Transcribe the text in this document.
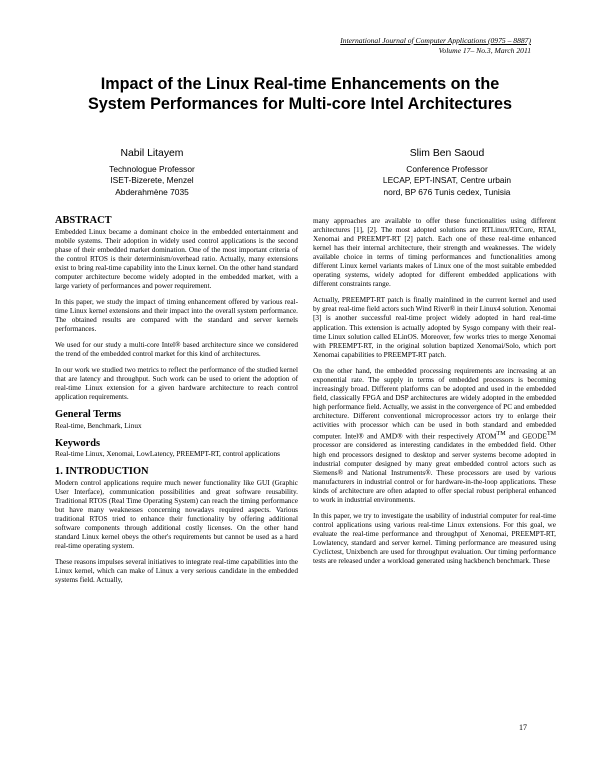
International Journal of Computer Applications (0975 – 8887)
Volume 17– No.3, March 2011
Impact of the Linux Real-time Enhancements on the
System Performances for Multi-core Intel Architectures
Nabil Litayem
Technologue Professor
ISET-Bizerete, Menzel
Abderahmène 7035
Slim Ben Saoud
Conference Professor
LECAP, EPT-INSAT, Centre urbain
nord, BP 676 Tunis cedex, Tunisia
ABSTRACT

Embedded Linux became a dominant choice in the embedded entertainment and mobile systems. Their adoption in widely used control applications is the second phase of their embedded market domination. One of the most important criteria of the control RTOS is their determinism/overhead ratio. Actually, many extensions exist to bring real-time capability into the Linux kernel. On the other hand standard computer architecture become widely adopted in the embedded market, with a large variety of performances and power requirement.

In this paper, we study the impact of timing enhancement offered by various real-time Linux kernel extensions and their impact into the overall system performance. The obtained results are compared with the standard and server kernels performances.

We used for our study a multi-core Intel® based architecture since we considered the trend of the embedded control market for this kind of architectures.

In our work we studied two metrics to reflect the performance of the studied kernel that are latency and throughput. Such work can be used to orient the adoption of real-time Linux extension for a given hardware architecture to reach control application requirements.

General Terms

Real-time, Benchmark, Linux

Keywords

Real-time Linux, Xenomai, LowLatency, PREEMPT-RT, control applications

1. INTRODUCTION

Modern control applications require much newer functionality like GUI (Graphic User Interface), communication possibilities and great software reusability. Traditional RTOS (Real Time Operating System) can reach the timing performance but have many weaknesses concerning nowadays required aspects. Various traditional RTOS tried to enhance their functionality by offering additional software components through additional costly licenses. On the other hand standard Linux kernel obeys the other's requirements but cannot be used as a hard real-time operating system.

These reasons impulses several initiatives to integrate real-time capabilities into the Linux kernel, which can make of Linux a very serious candidate in the embedded systems field. Actually,

many approaches are available to offer these functionalities using different architectures [1], [2]. The most adopted solutions are RTLinux/RTCore, RTAI, Xenomai and PREEMPT-RT [2] patch. Each one of these real-time enhanced kernel has their internal architecture, their strength and weaknesses. The widely available choice in terms of timing performances and functionalities among different Linux kernel variants makes of Linux one of the most suitable embedded operating systems, widely adopted for different embedded applications with different constraints range.

Actually, PREEMPT-RT patch is finally mainlined in the current kernel and used by great real-time field actors such Wind River® in their Linux4 solution. Xenomai [3] is another successful real-time project widely adopted in hard real-time application. This extension is actually adopted by Sysgo company with their real-time Linux solution called ELinOS. Moreover, few works tries to merge Xenomai with PREEMPT-RT, in the original solution baptized Xenomai/Solo, which port Xenomai capabilities to PREEMPT-RT patch.

On the other hand, the embedded processing requirements are increasing at an exponential rate. The supply in terms of embedded processors is becoming increasingly broad. Different platforms can be adopted and used in the embedded field, classically FPGA and DSP architectures are widely adopted in the embedded high performance field. Actually, we assist in the convergence of PC and embedded architecture. Different conventional microprocessor actors try to enlarge their activities with processor which can be used in both standard and embedded computer. Intel® and AMD® with their respectively ATOM™ and GEODE™ processor are considered as interesting candidates in the embedded field. Other high end processors designed to desktop and server systems become adopted in industrial computer designed by many great embedded control actors such as Siemens® and National Instruments®. These processors are used by various manufacturers in industrial control or for hardware-in-the-loop applications. These kinds of architecture are often adapted to offer special robust peripheral enhanced to work in industrial environments.

In this paper, we try to investigate the usability of industrial computer for real-time control applications using various real-time Linux extensions. For this goal, we evaluate the real-time performance and throughput of Xenomai, PREEMPT-RT, Lowlatency, standard and server kernel. Timing performance are measured using Cyclictest, Unixbench are used for throughput evaluation. Our timing performance tests are released under a workload generated using hackbench benchmark. These

17
